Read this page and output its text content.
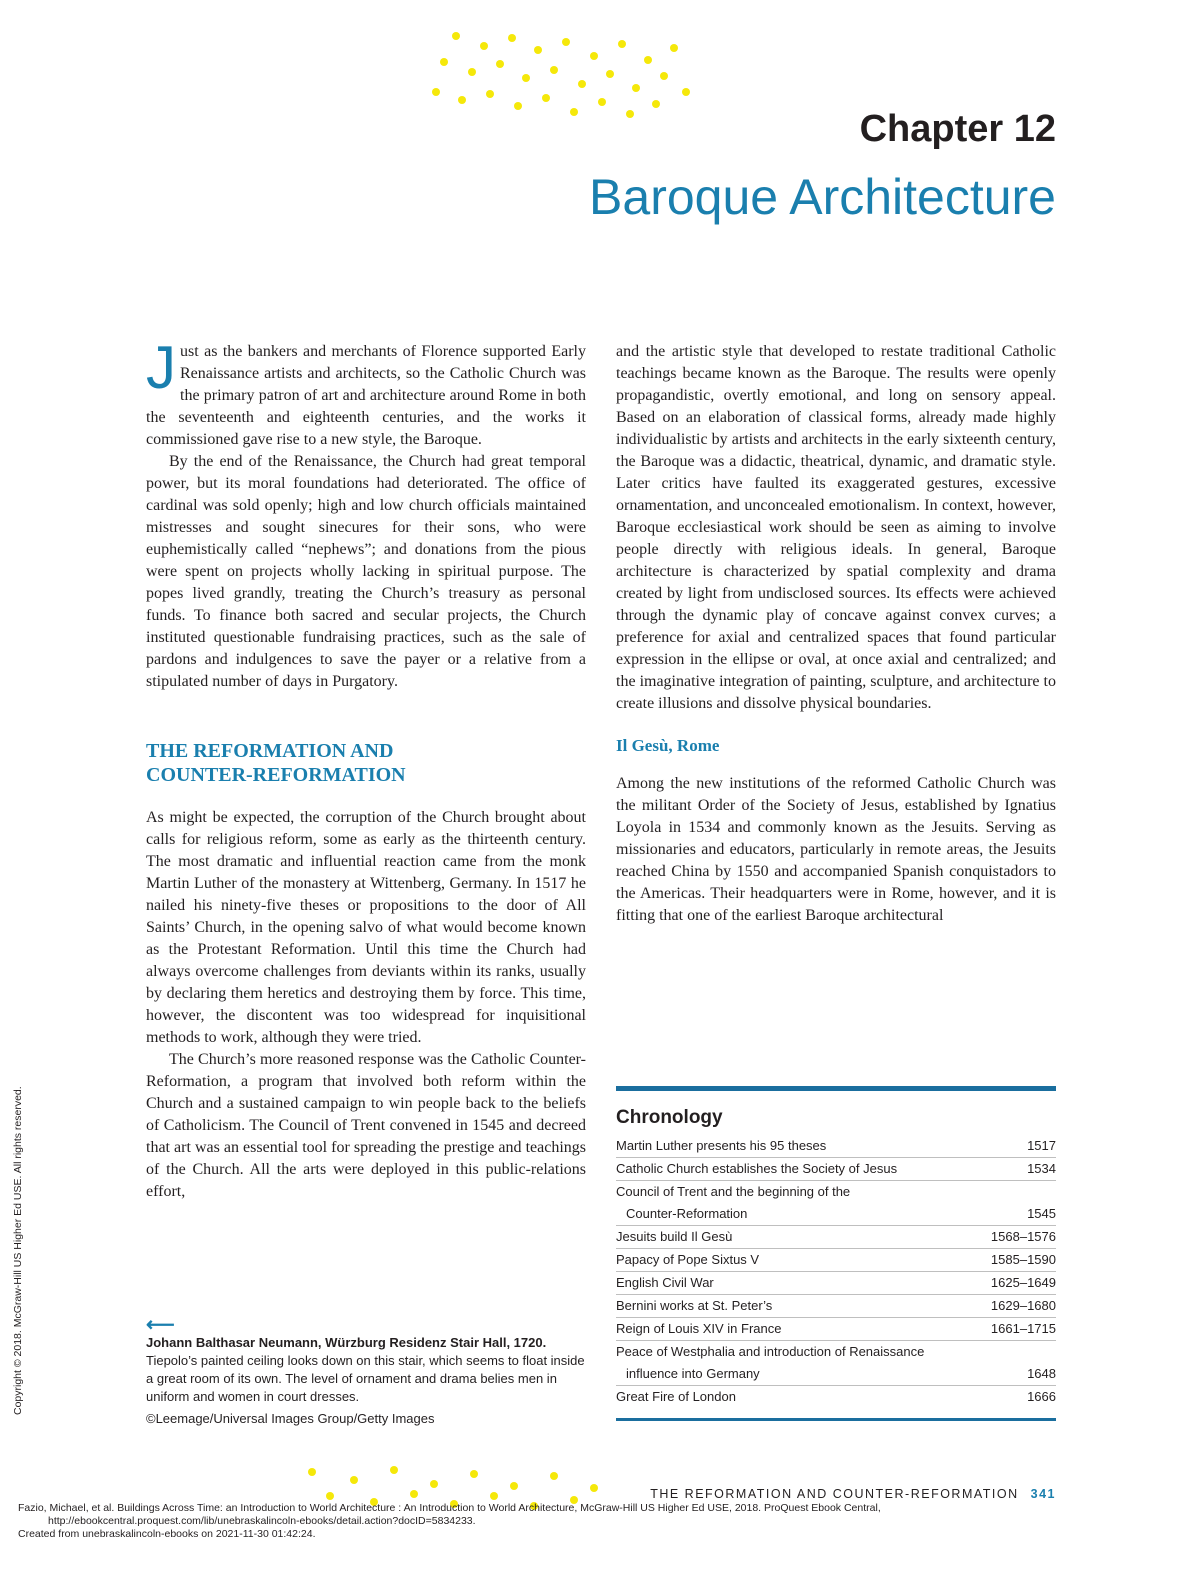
Chapter 12
Baroque Architecture

Just as the bankers and merchants of Florence supported Early Renaissance artists and architects, so the Catholic Church was the primary patron of art and architecture around Rome in both the seventeenth and eighteenth centuries, and the works it commissioned gave rise to a new style, the Baroque.

By the end of the Renaissance, the Church had great temporal power, but its moral foundations had deteriorated. The office of cardinal was sold openly; high and low church officials maintained mistresses and sought sinecures for their sons, who were euphemistically called “nephews”; and donations from the pious were spent on projects wholly lacking in spiritual purpose. The popes lived grandly, treating the Church’s treasury as personal funds. To finance both sacred and secular projects, the Church instituted questionable fundraising practices, such as the sale of pardons and indulgences to save the payer or a relative from a stipulated number of days in Purgatory.

THE REFORMATION AND
COUNTER-REFORMATION

As might be expected, the corruption of the Church brought about calls for religious reform, some as early as the thirteenth century. The most dramatic and influential reaction came from the monk Martin Luther of the monastery at Wittenberg, Germany. In 1517 he nailed his ninety-five theses or propositions to the door of All Saints’ Church, in the opening salvo of what would become known as the Protestant Reformation. Until this time the Church had always overcome challenges from deviants within its ranks, usually by declaring them heretics and destroying them by force. This time, however, the discontent was too widespread for inquisitional methods to work, although they were tried.

The Church’s more reasoned response was the Catholic Counter-Reformation, a program that involved both reform within the Church and a sustained campaign to win people back to the beliefs of Catholicism. The Council of Trent convened in 1545 and decreed that art was an essential tool for spreading the prestige and teachings of the Church. All the arts were deployed in this public-relations effort,

and the artistic style that developed to restate traditional Catholic teachings became known as the Baroque. The results were openly propagandistic, overtly emotional, and long on sensory appeal. Based on an elaboration of classical forms, already made highly individualistic by artists and architects in the early sixteenth century, the Baroque was a didactic, theatrical, dynamic, and dramatic style. Later critics have faulted its exaggerated gestures, excessive ornamentation, and unconcealed emotionalism. In context, however, Baroque ecclesiastical work should be seen as aiming to involve people directly with religious ideals. In general, Baroque architecture is characterized by spatial complexity and drama created by light from undisclosed sources. Its effects were achieved through the dynamic play of concave against convex curves; a preference for axial and centralized spaces that found particular expression in the ellipse or oval, at once axial and centralized; and the imaginative integration of painting, sculpture, and architecture to create illusions and dissolve physical boundaries.

Il Gesù, Rome

Among the new institutions of the reformed Catholic Church was the militant Order of the Society of Jesus, established by Ignatius Loyola in 1534 and commonly known as the Jesuits. Serving as missionaries and educators, particularly in remote areas, the Jesuits reached China by 1550 and accompanied Spanish conquistadors to the Americas. Their headquarters were in Rome, however, and it is fitting that one of the earliest Baroque architectural

⟵
Johann Balthasar Neumann, Würzburg Residenz Stair Hall, 1720.
Tiepolo’s painted ceiling looks down on this stair, which seems to float inside a great room of its own. The level of ornament and drama belies men in uniform and women in court dresses.
©Leemage/Universal Images Group/Getty Images
Chronology
Martin Luther presents his 95 theses	1517
Catholic Church establishes the Society of Jesus	1534
Council of Trent and the beginning of the
Counter-Reformation	1545
Jesuits build Il Gesù	1568–1576
Papacy of Pope Sixtus V	1585–1590
English Civil War	1625–1649
Bernini works at St. Peter’s	1629–1680
Reign of Louis XIV in France	1661–1715
Peace of Westphalia and introduction of Renaissance
influence into Germany	1648
Great Fire of London	1666
THE REFORMATION AND COUNTER-REFORMATION 341
Fazio, Michael, et al. Buildings Across Time: an Introduction to World Architecture : An Introduction to World Architecture, McGraw-Hill US Higher Ed USE, 2018. ProQuest Ebook Central,
http://ebookcentral.proquest.com/lib/unebraskalincoln-ebooks/detail.action?docID=5834233.
Created from unebraskalincoln-ebooks on 2021-11-30 01:42:24.
Copyright © 2018. McGraw-Hill US Higher Ed USE. All rights reserved.
